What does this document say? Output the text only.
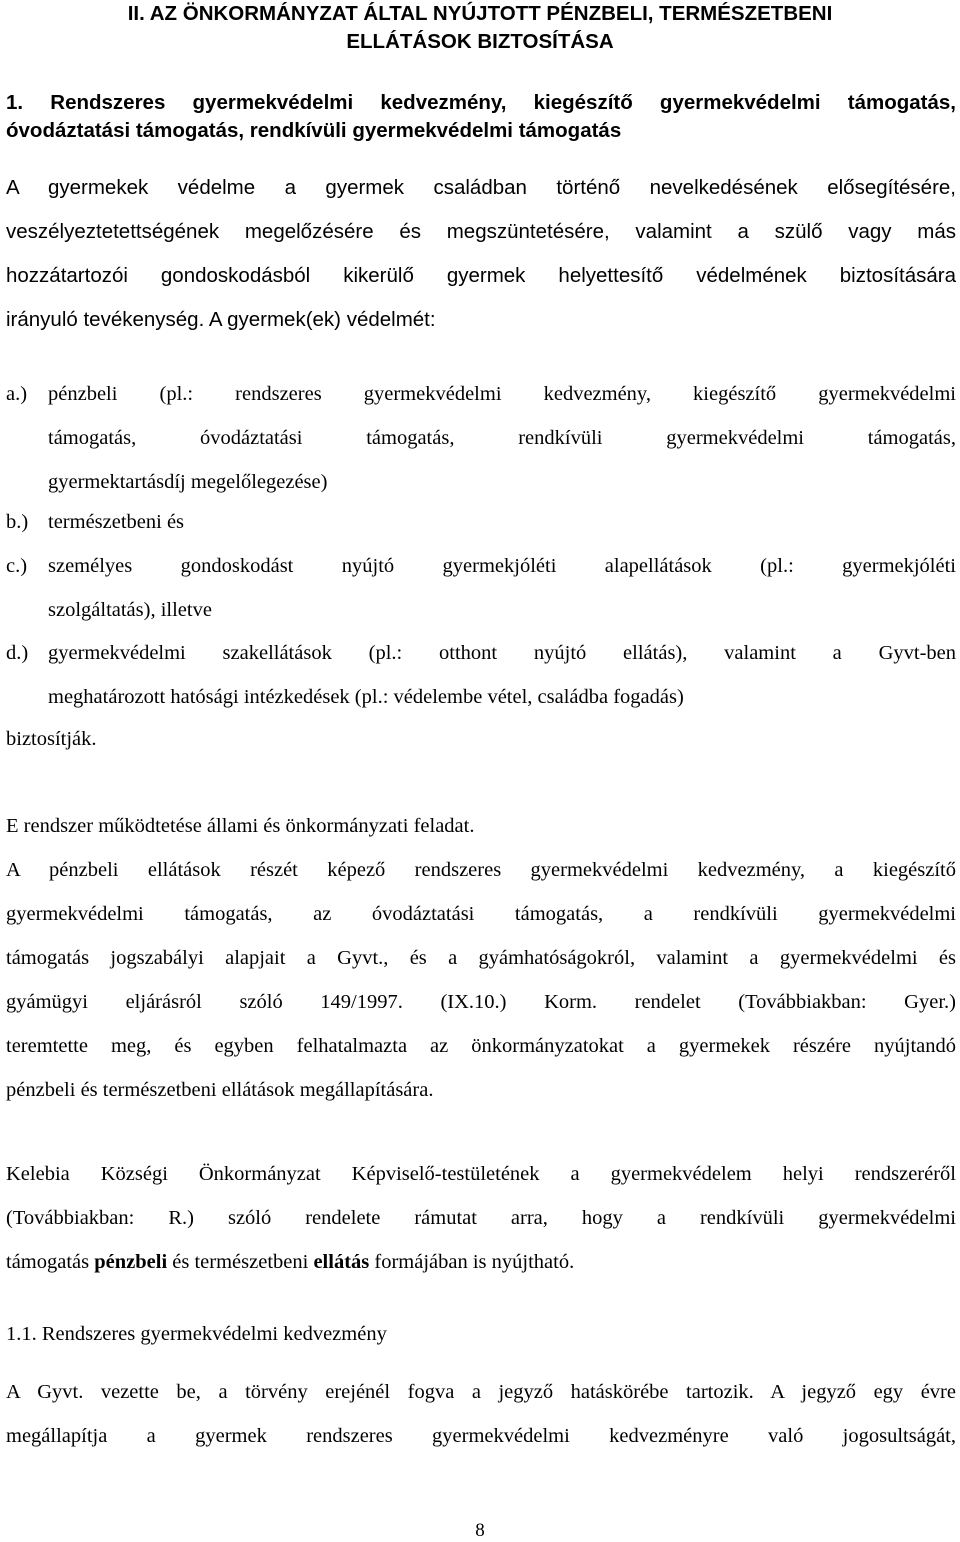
II. AZ ÖNKORMÁNYZAT ÁLTAL NYÚJTOTT PÉNZBELI, TERMÉSZETBENI
ELLÁTÁSOK BIZTOSÍTÁSA
1. Rendszeres gyermekvédelmi kedvezmény, kiegészítő gyermekvédelmi támogatás,
óvodáztatási támogatás, rendkívüli gyermekvédelmi támogatás
A gyermekek védelme a gyermek családban történő nevelkedésének elősegítésére,
veszélyeztetettségének megelőzésére és megszüntetésére, valamint a szülő vagy más
hozzátartozói gondoskodásból kikerülő gyermek helyettesítő védelmének biztosítására
irányuló tevékenység. A gyermek(ek) védelmét:
a.)	pénzbeli (pl.: rendszeres gyermekvédelmi kedvezmény, kiegészítő gyermekvédelmi
támogatás, óvodáztatási támogatás, rendkívüli gyermekvédelmi támogatás,
gyermektartásdíj megelőlegezése)
b.) természetbeni és
c.)	személyes gondoskodást nyújtó gyermekjóléti alapellátások (pl.: gyermekjóléti
szolgáltatás), illetve
d.) gyermekvédelmi szakellátások (pl.: otthont nyújtó ellátás), valamint a Gyvt-ben
meghatározott hatósági intézkedések (pl.: védelembe vétel, családba fogadás)
biztosítják.
E rendszer működtetése állami és önkormányzati feladat.
A pénzbeli ellátások részét képező rendszeres gyermekvédelmi kedvezmény, a kiegészítő
gyermekvédelmi támogatás, az óvodáztatási támogatás, a rendkívüli gyermekvédelmi
támogatás jogszabályi alapjait a Gyvt., és a gyámhatóságokról, valamint a gyermekvédelmi és
gyámügyi eljárásról szóló 149/1997. (IX.10.) Korm. rendelet (Továbbiakban: Gyer.)
teremtette meg, és egyben felhatalmazta az önkormányzatokat a gyermekek részére nyújtandó
pénzbeli és természetbeni ellátások megállapítására.
Kelebia Községi Önkormányzat Képviselő-testületének a gyermekvédelem helyi rendszeréről
(Továbbiakban: R.) szóló rendelete rámutat arra, hogy a rendkívüli gyermekvédelmi
támogatás pénzbeli és természetbeni ellátás formájában is nyújtható.
1.1. Rendszeres gyermekvédelmi kedvezmény
A Gyvt. vezette be, a törvény erejénél fogva a jegyző hatáskörébe tartozik. A jegyző egy évre
megállapítja a gyermek rendszeres gyermekvédelmi kedvezményre való jogosultságát,
8
